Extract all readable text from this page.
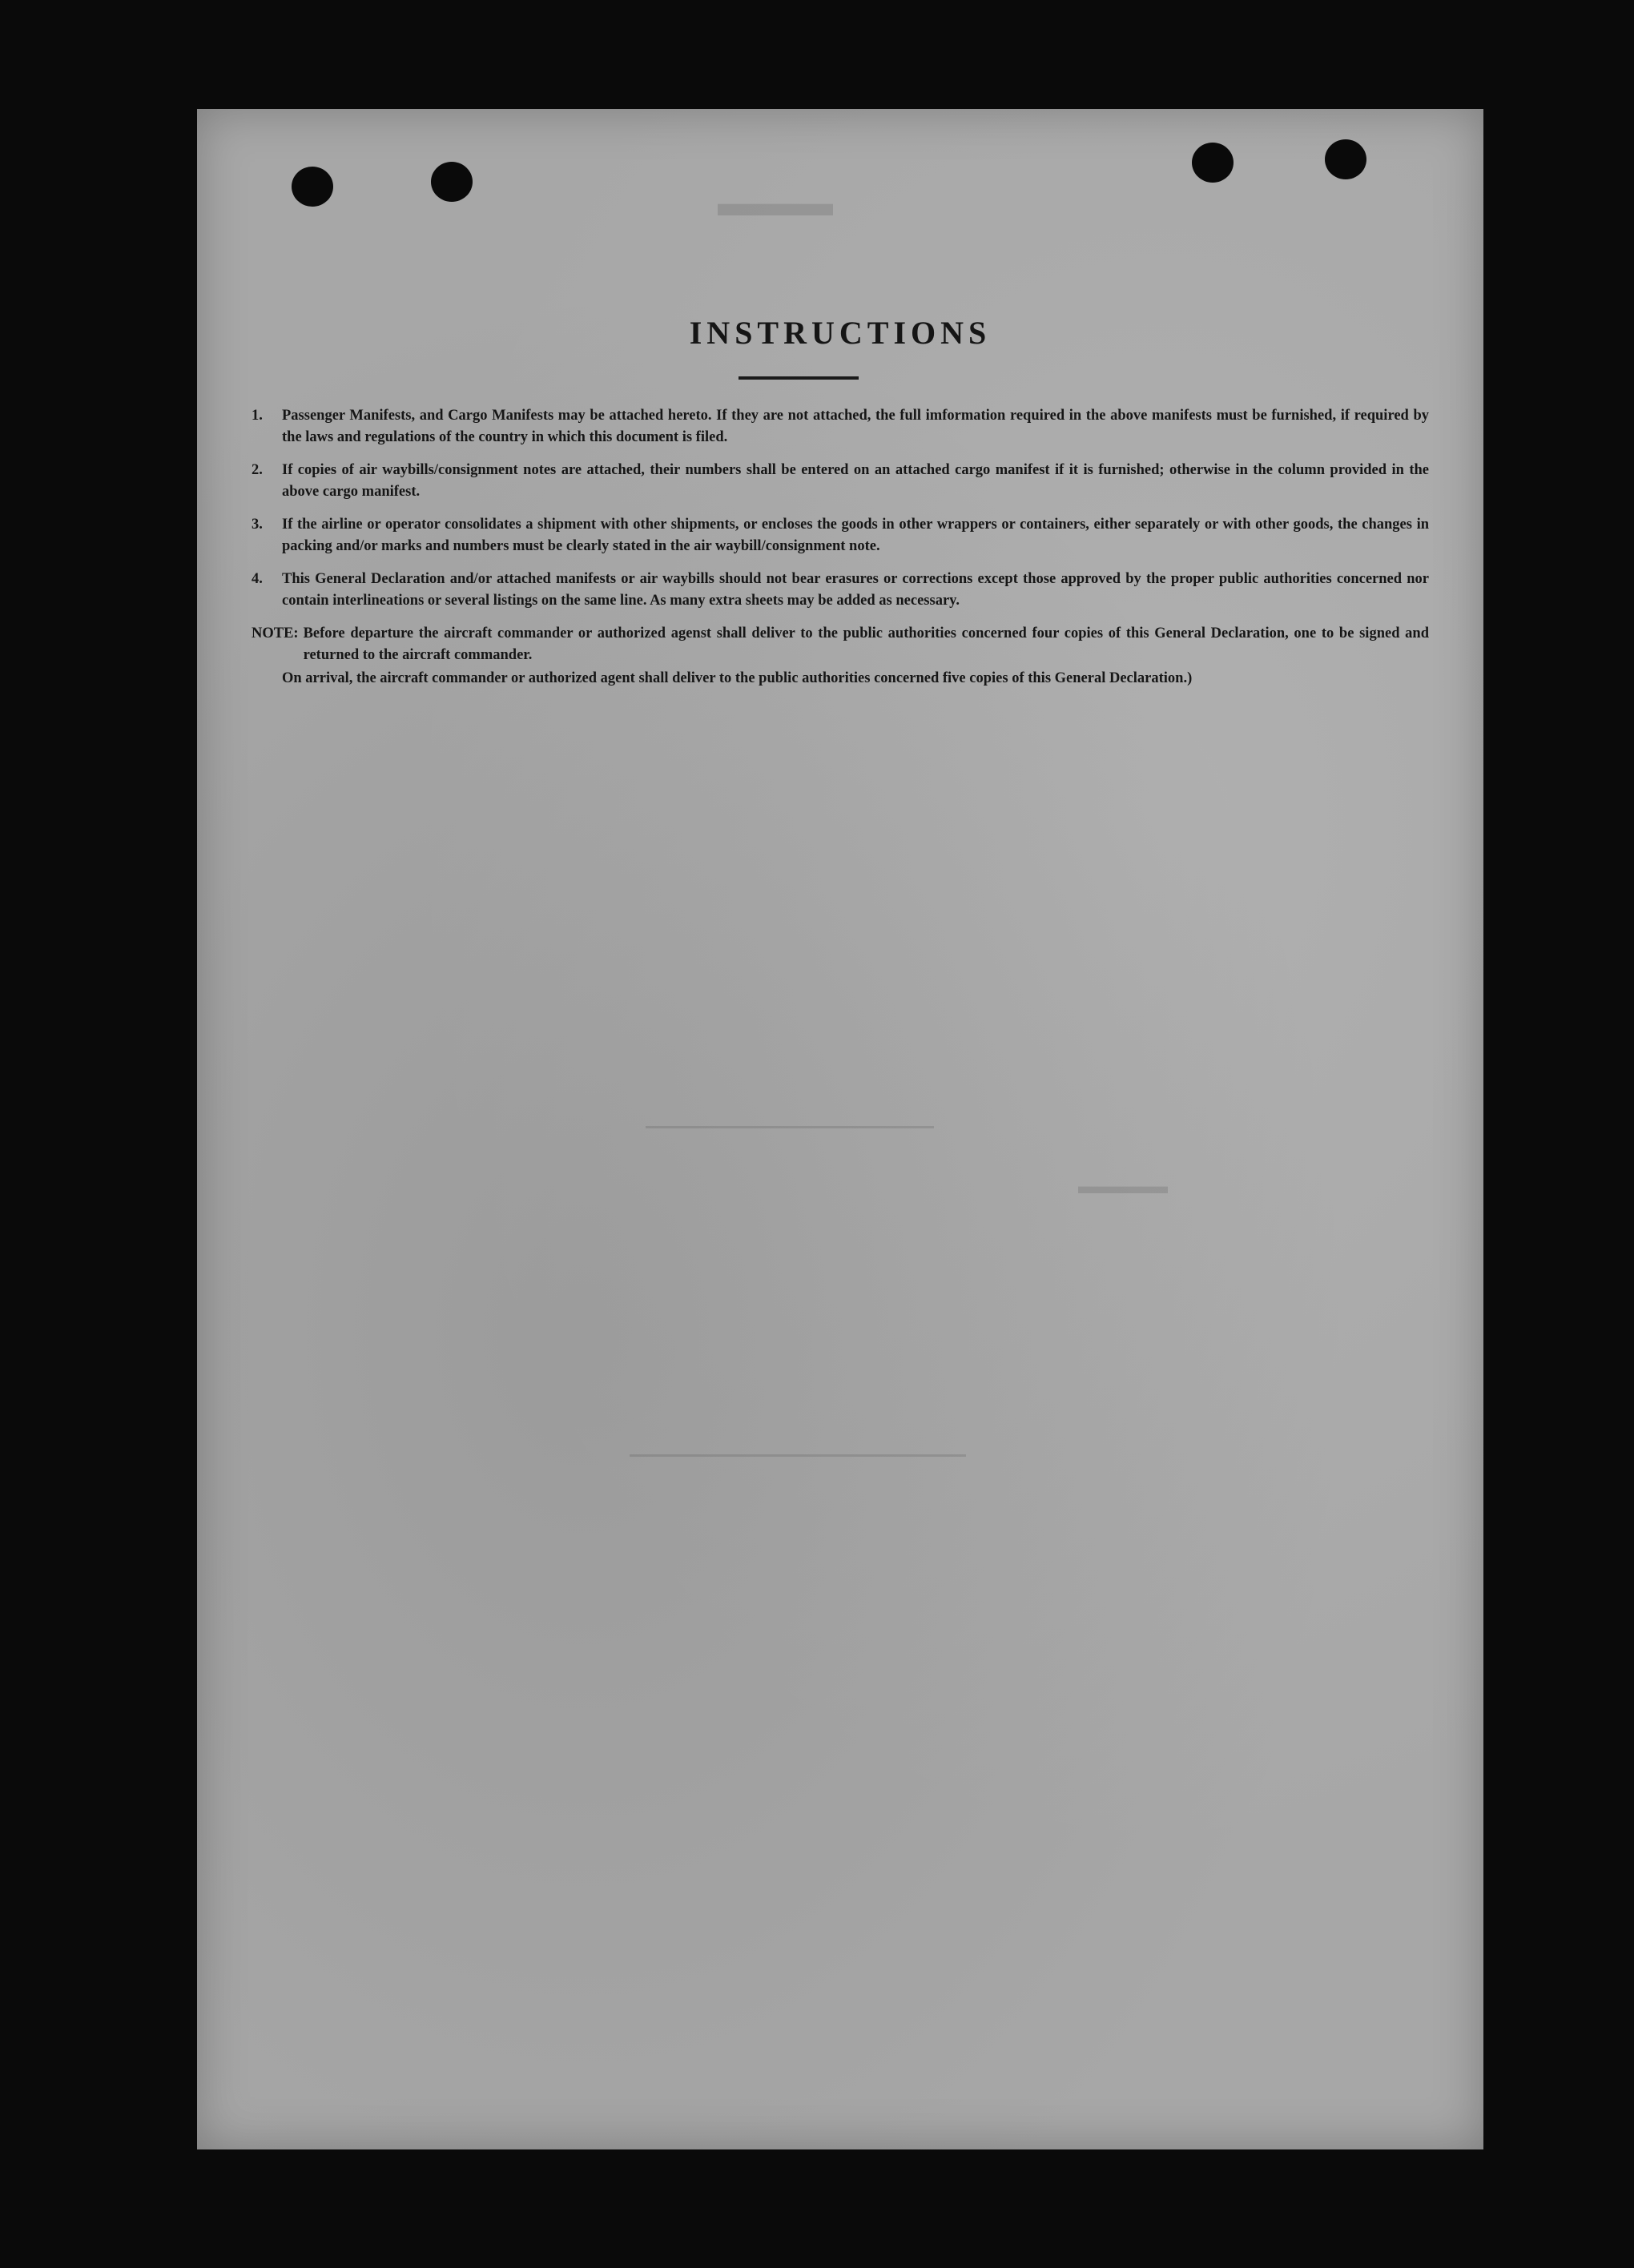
▬▬▬
▬▬▬▬
INSTRUCTIONS
1.	Passenger Manifests, and Cargo Manifests may be attached hereto. If they are not attached, the full imformation required in the above manifests must be furnished, if required by the laws and regulations of the country in which this document is filed.
2.	If copies of air waybills/consignment notes are attached, their numbers shall be entered on an attached cargo manifest if it is furnished; otherwise in the column provided in the above cargo manifest.
3.	If the airline or operator consolidates a shipment with other shipments, or encloses the goods in other wrappers or containers, either separately or with other goods, the changes in packing and/or marks and numbers must be clearly stated in the air waybill/consignment note.
4.	This General Declaration and/or attached manifests or air waybills should not bear erasures or corrections except those approved by the proper public authorities concerned nor contain interlineations or several listings on the same line. As many extra sheets may be added as necessary.
NOTE: Before departure the aircraft commander or authorized agenst shall deliver to the public authorities concerned four copies of this General Declaration, one to be signed and returned to the aircraft commander.
On arrival, the aircraft commander or authorized agent shall deliver to the public authorities concerned five copies of this General Declaration.)
